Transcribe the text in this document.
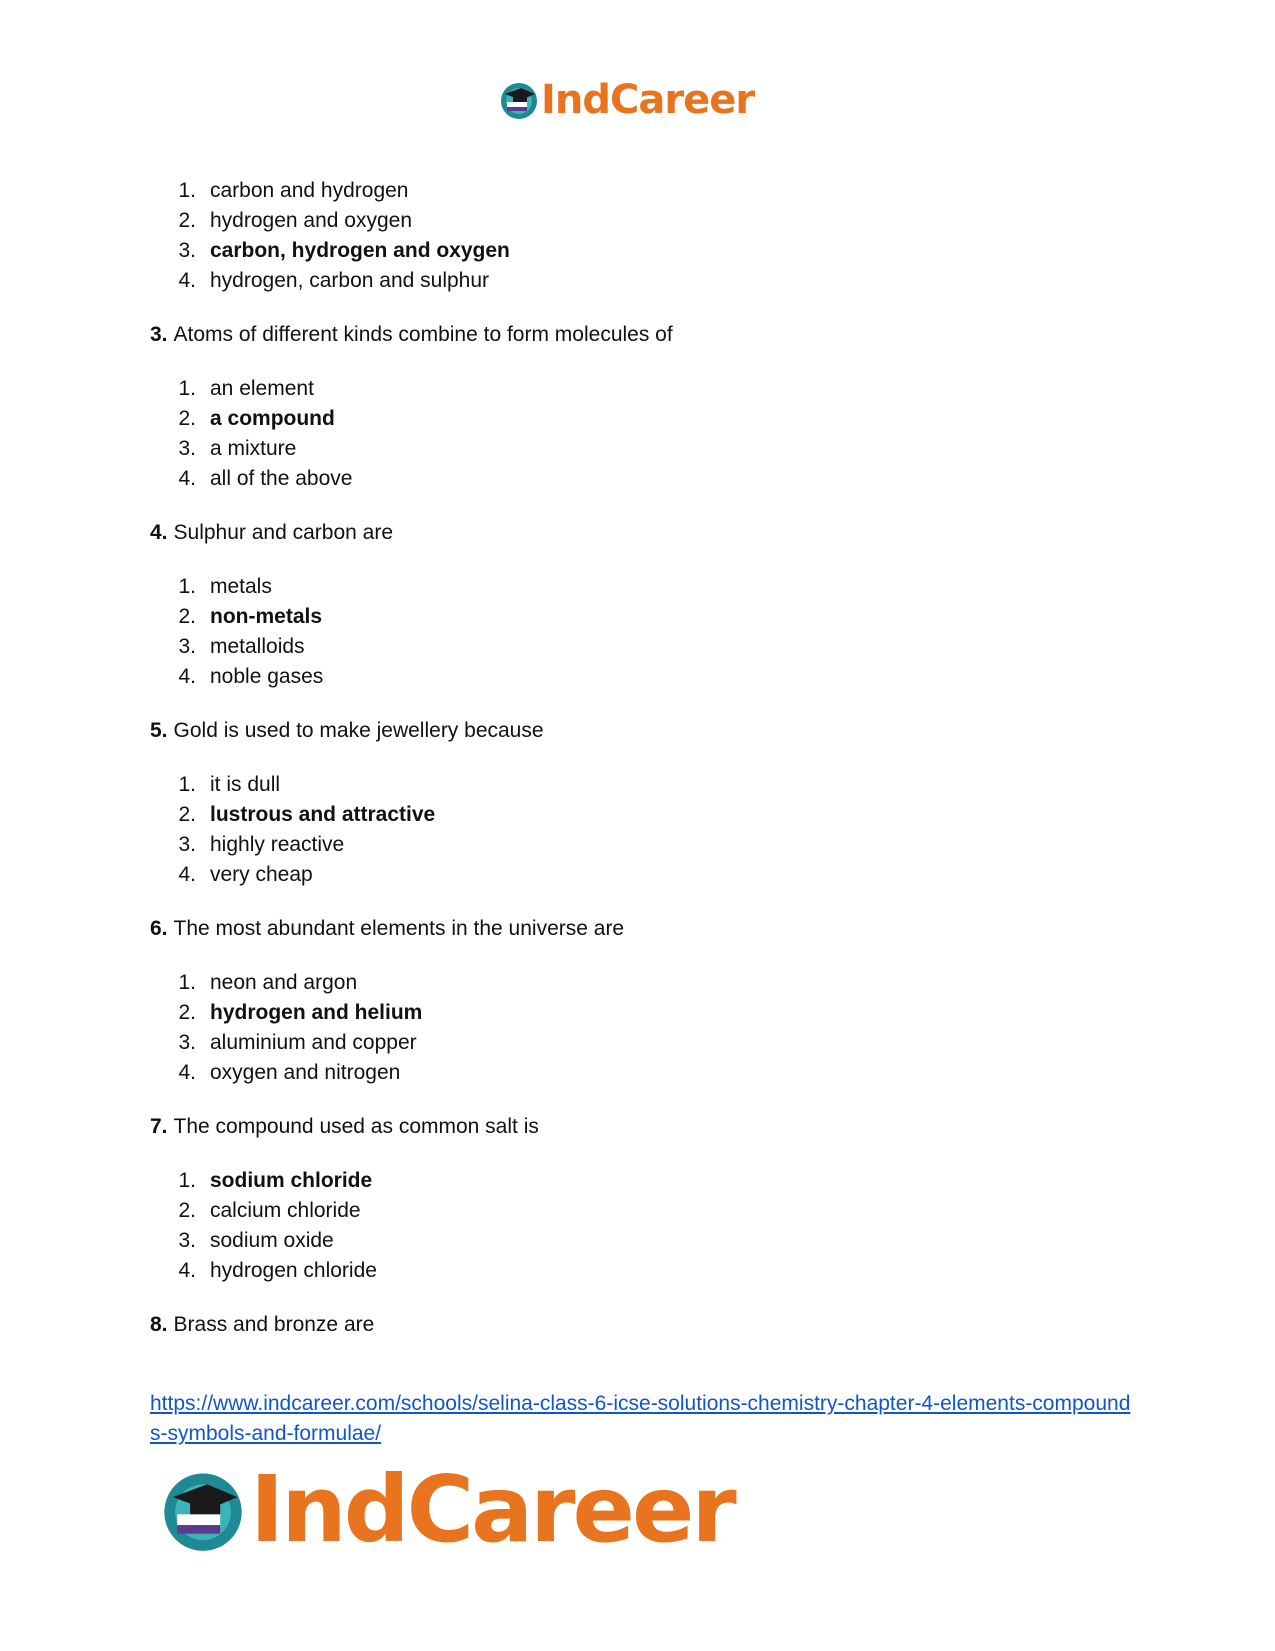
IndCareer
1. carbon and hydrogen
2. hydrogen and oxygen
3. carbon, hydrogen and oxygen
4. hydrogen, carbon and sulphur
3. Atoms of different kinds combine to form molecules of
1. an element
2. a compound
3. a mixture
4. all of the above
4. Sulphur and carbon are
1. metals
2. non-metals
3. metalloids
4. noble gases
5. Gold is used to make jewellery because
1. it is dull
2. lustrous and attractive
3. highly reactive
4. very cheap
6. The most abundant elements in the universe are
1. neon and argon
2. hydrogen and helium
3. aluminium and copper
4. oxygen and nitrogen
7. The compound used as common salt is
1. sodium chloride
2. calcium chloride
3. sodium oxide
4. hydrogen chloride
8. Brass and bronze are
https://www.indcareer.com/schools/selina-class-6-icse-solutions-chemistry-chapter-4-elements-compounds-symbols-and-formulae/
IndCareer
